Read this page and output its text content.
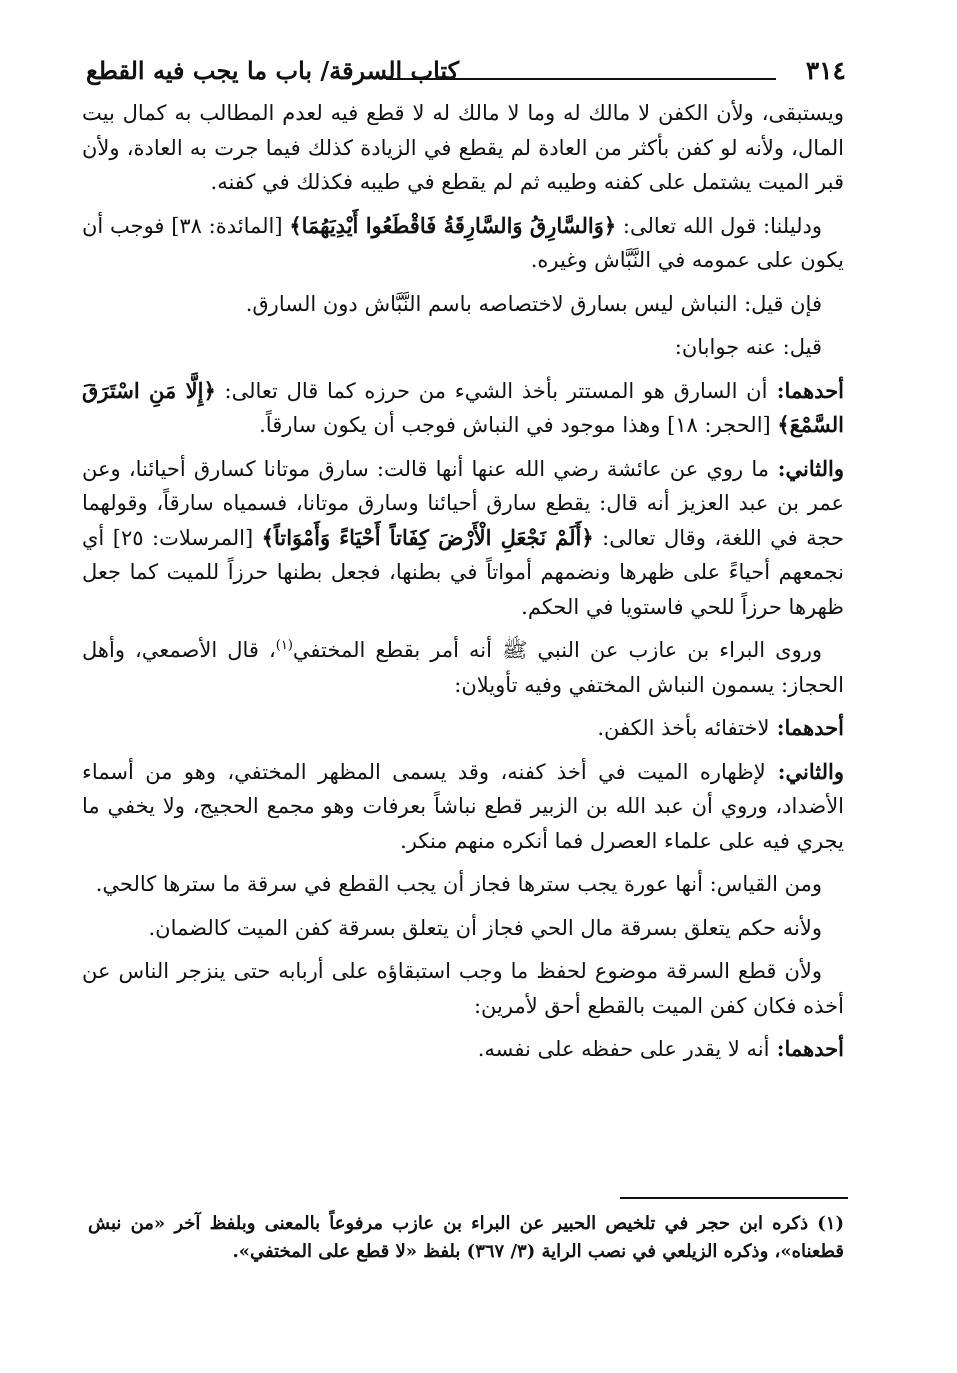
٣١٤
كتاب السرقة/ باب ما يجب فيه القطع

ويستبقى، ولأن الكفن لا مالك له وما لا مالك له لا قطع فيه لعدم المطالب به كمال بيت المال، ولأنه لو كفن بأكثر من العادة لم يقطع في الزيادة كذلك فيما جرت به العادة، ولأن قبر الميت يشتمل على كفنه وطيبه ثم لم يقطع في طيبه فكذلك في كفنه.

ودليلنا: قول الله تعالى: ﴿وَالسَّارِقُ وَالسَّارِقَةُ فَاقْطَعُوا أَيْدِيَهُمَا﴾ [المائدة: ٣٨] فوجب أن يكون على عمومه في النَّبَّاش وغيره.

فإن قيل: النباش ليس بسارق لاختصاصه باسم النَّبَّاش دون السارق.

قيل: عنه جوابان:

أحدهما: أن السارق هو المستتر بأخذ الشيء من حرزه كما قال تعالى: ﴿إِلَّا مَنِ اسْتَرَقَ السَّمْعَ﴾ [الحجر: ١٨] وهذا موجود في النباش فوجب أن يكون سارقاً.

والثاني: ما روي عن عائشة رضي الله عنها أنها قالت: سارق موتانا كسارق أحيائنا، وعن عمر بن عبد العزيز أنه قال: يقطع سارق أحيائنا وسارق موتانا، فسمياه سارقاً، وقولهما حجة في اللغة، وقال تعالى: ﴿أَلَمْ نَجْعَلِ الْأَرْضَ كِفَاتاً أَحْيَاءً وَأَمْوَاتاً﴾ [المرسلات: ٢٥] أي نجمعهم أحياءً على ظهرها ونضمهم أمواتاً في بطنها، فجعل بطنها حرزاً للميت كما جعل ظهرها حرزاً للحي فاستويا في الحكم.

وروى البراء بن عازب عن النبي ﷺ أنه أمر بقطع المختفي$^{(١)}$، قال الأصمعي، وأهل الحجاز: يسمون النباش المختفي وفيه تأويلان:

أحدهما: لاختفائه بأخذ الكفن.

والثاني: لإظهاره الميت في أخذ كفنه، وقد يسمى المظهر المختفي، وهو من أسماء الأضداد، وروي أن عبد الله بن الزبير قطع نباشاً بعرفات وهو مجمع الحجيج، ولا يخفي ما يجري فيه على علماء العصرل فما أنكره منهم منكر.

ومن القياس: أنها عورة يجب سترها فجاز أن يجب القطع في سرقة ما سترها كالحي.

ولأنه حكم يتعلق بسرقة مال الحي فجاز أن يتعلق بسرقة كفن الميت كالضمان.

ولأن قطع السرقة موضوع لحفظ ما وجب استبقاؤه على أربابه حتى ينزجر الناس عن أخذه فكان كفن الميت بالقطع أحق لأمرين:

أحدهما: أنه لا يقدر على حفظه على نفسه.

(١) ذكره ابن حجر في تلخيص الحبير عن البراء بن عازب مرفوعاً بالمعنى وبلفظ آخر «من نبش قطعناه»، وذكره الزيلعي في نصب الراية (٣/ ٣٦٧) بلفظ «لا قطع على المختفي».
